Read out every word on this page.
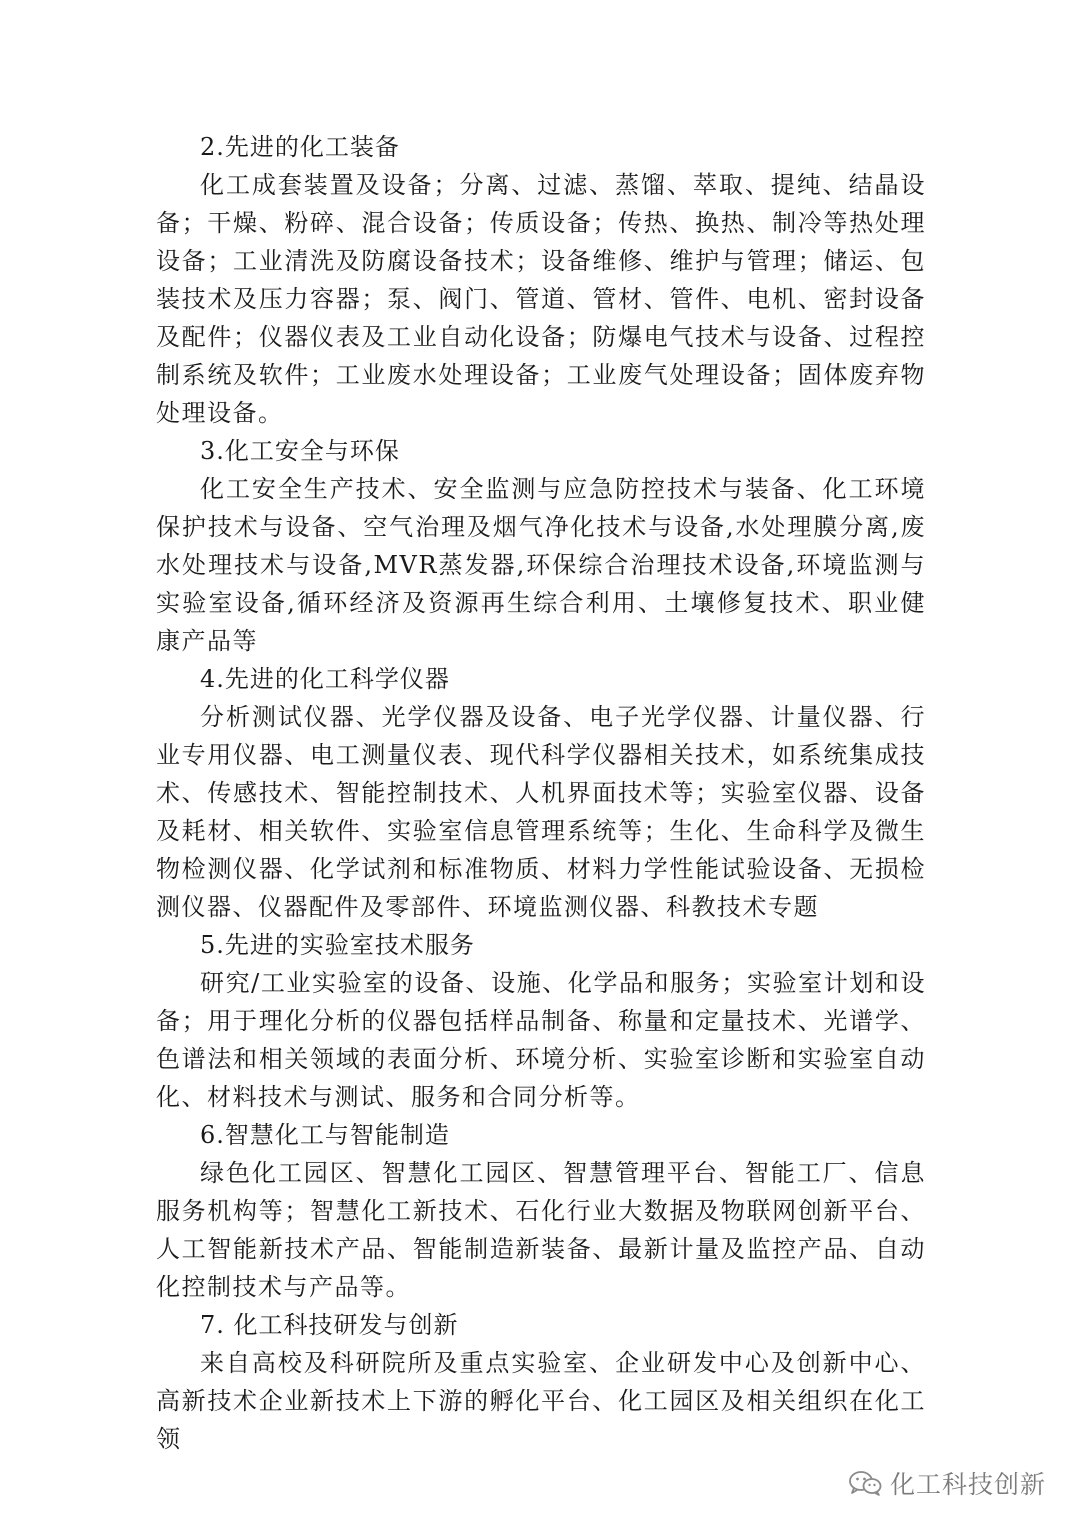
2.先进的化工装备

化工成套装置及设备；分离、过滤、蒸馏、萃取、提纯、结晶设备；干燥、粉碎、混合设备；传质设备；传热、换热、制冷等热处理设备；工业清洗及防腐设备技术；设备维修、维护与管理；储运、包装技术及压力容器；泵、阀门、管道、管材、管件、电机、密封设备及配件；仪器仪表及工业自动化设备；防爆电气技术与设备、过程控制系统及软件；工业废水处理设备；工业废气处理设备；固体废弃物处理设备。

3.化工安全与环保

化工安全生产技术、安全监测与应急防控技术与装备、化工环境保护技术与设备、空气治理及烟气净化技术与设备,水处理膜分离,废水处理技术与设备,MVR蒸发器,环保综合治理技术设备,环境监测与实验室设备,循环经济及资源再生综合利用、土壤修复技术、职业健康产品等

4.先进的化工科学仪器

分析测试仪器、光学仪器及设备、电子光学仪器、计量仪器、行业专用仪器、电工测量仪表、现代科学仪器相关技术，如系统集成技术、传感技术、智能控制技术、人机界面技术等；实验室仪器、设备及耗材、相关软件、实验室信息管理系统等；生化、生命科学及微生物检测仪器、化学试剂和标准物质、材料力学性能试验设备、无损检测仪器、仪器配件及零部件、环境监测仪器、科教技术专题

5.先进的实验室技术服务

研究/工业实验室的设备、设施、化学品和服务；实验室计划和设备；用于理化分析的仪器包括样品制备、称量和定量技术、光谱学、色谱法和相关领域的表面分析、环境分析、实验室诊断和实验室自动化、材料技术与测试、服务和合同分析等。

6.智慧化工与智能制造

绿色化工园区、智慧化工园区、智慧管理平台、智能工厂、信息服务机构等；智慧化工新技术、石化行业大数据及物联网创新平台、人工智能新技术产品、智能制造新装备、最新计量及监控产品、自动化控制技术与产品等。

7. 化工科技研发与创新

来自高校及科研院所及重点实验室、企业研发中心及创新中心、高新技术企业新技术上下游的孵化平台、化工园区及相关组织在化工领

化工科技创新
